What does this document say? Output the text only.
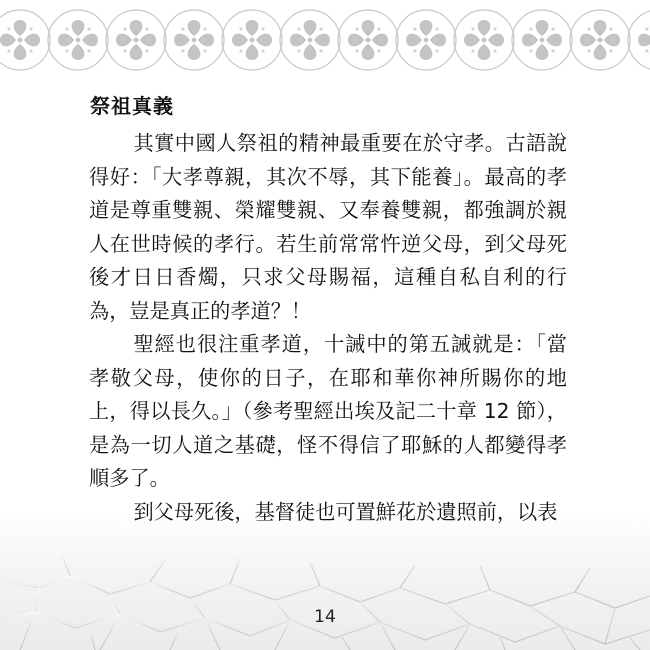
祭祖真義

其實中國人祭祖的精神最重要在於守孝。古語說得好：「大孝尊親，其次不辱，其下能養」。最高的孝道是尊重雙親、榮耀雙親、又奉養雙親，都強調於親人在世時候的孝行。若生前常常忤逆父母，到父母死後才日日香燭，只求父母賜福，這種自私自利的行為，豈是真正的孝道？！

聖經也很注重孝道，十誡中的第五誡就是：「當孝敬父母，使你的日子，在耶和華你神所賜你的地上，得以長久。」（參考聖經出埃及記二十章 12 節），是為一切人道之基礎，怪不得信了耶穌的人都變得孝順多了。

到父母死後，基督徒也可置鮮花於遺照前，以表

14
